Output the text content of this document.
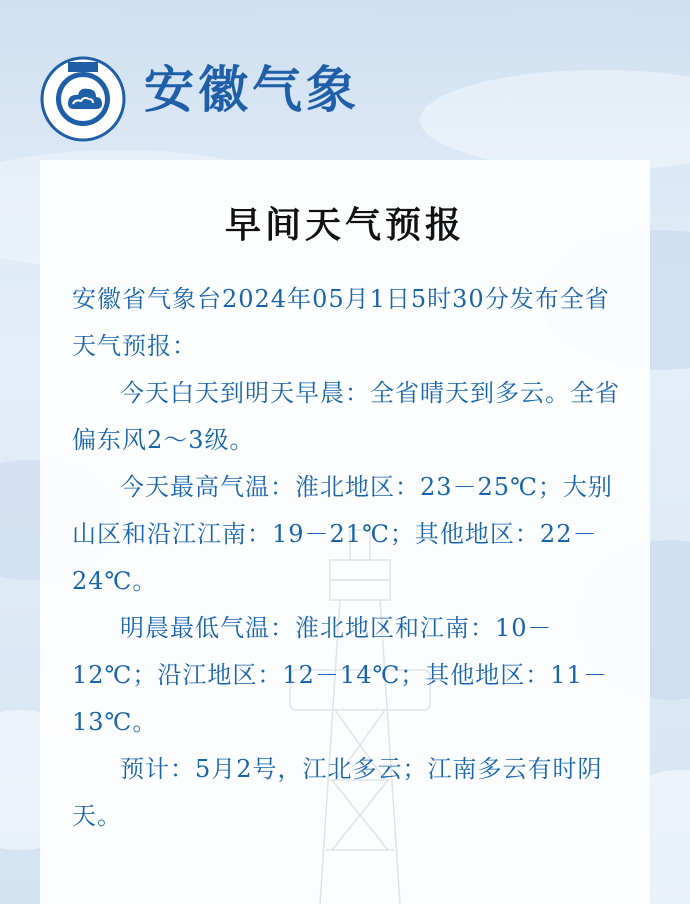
安徽气象
早间天气预报

安徽省气象台2024年05月1日5时30分发布全省天气预报：

今天白天到明天早晨：全省晴天到多云。全省偏东风2～3级。

今天最高气温：淮北地区：23－25℃；大别山区和沿江江南：19－21℃；其他地区：22－24℃。

明晨最低气温：淮北地区和江南：10－12℃；沿江地区：12－14℃；其他地区：11－13℃。

预计：5月2号，江北多云；江南多云有时阴天。
